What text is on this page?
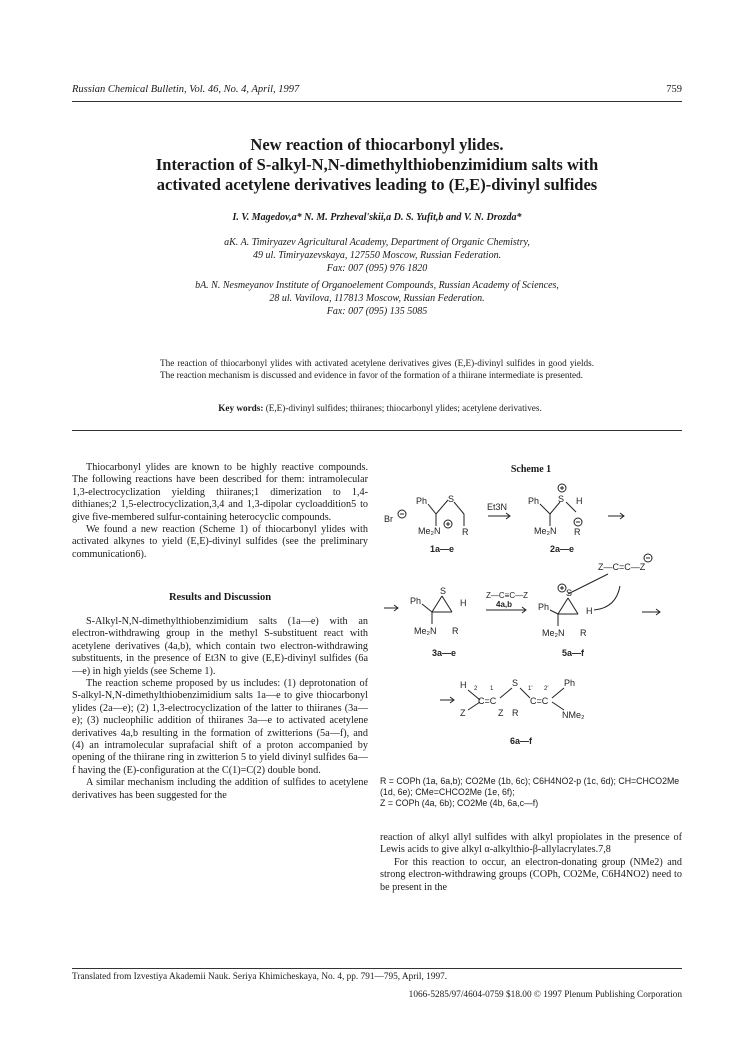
Russian Chemical Bulletin, Vol. 46, No. 4, April, 1997	759
New reaction of thiocarbonyl ylides.
Interaction of S-alkyl-N,N-dimethylthiobenzimidium salts with
activated acetylene derivatives leading to (E,E)-divinyl sulfides
I. V. Magedov,a* N. M. Przheval'skii,a D. S. Yufit,b and V. N. Drozda*
aK. A. Timiryazev Agricultural Academy, Department of Organic Chemistry,
49 ul. Timiryazevskaya, 127550 Moscow, Russian Federation.
Fax: 007 (095) 976 1820
bA. N. Nesmeyanov Institute of Organoelement Compounds, Russian Academy of Sciences,
28 ul. Vavilova, 117813 Moscow, Russian Federation.
Fax: 007 (095) 135 5085
The reaction of thiocarbonyl ylides with activated acetylene derivatives gives (E,E)-divinyl sulfides in good yields. The reaction mechanism is discussed and evidence in favor of the formation of a thiirane intermediate is presented.
Key words: (E,E)-divinyl sulfides; thiiranes; thiocarbonyl ylides; acetylene derivatives.

Thiocarbonyl ylides are known to be highly reactive compounds. The following reactions have been described for them: intramolecular 1,3-electrocyclization yielding thiiranes;1 dimerization to 1,4-dithianes;2 1,5-electrocyclization,3,4 and 1,3-dipolar cycloaddition5 to give five-membered sulfur-containing heterocyclic compounds.

We found a new reaction (Scheme 1) of thiocarbonyl ylides with activated alkynes to yield (E,E)-divinyl sulfides (see the preliminary communication6).

Results and Discussion

S-Alkyl-N,N-dimethylthiobenzimidium salts (1a—e) with an electron-withdrawing group in the methyl S-substituent react with acetylene derivatives (4a,b), which contain two electron-withdrawing substituents, in the presence of Et3N to give (E,E)-divinyl sulfides (6a—e) in high yields (see Scheme 1).

The reaction scheme proposed by us includes: (1) deprotonation of S-alkyl-N,N-dimethylthiobenzimidium salts 1a—e to give thiocarbonyl ylides (2a—e); (2) 1,3-electrocyclization of the latter to thiiranes (3a—e); (3) nucleophilic addition of thiiranes 3a—e to activated acetylene derivatives 4a,b resulting in the formation of zwitterions (5a—f), and (4) an intramolecular suprafacial shift of a proton accompanied by opening of the thiirane ring in zwitterion 5 to yield divinyl sulfides 6a—f having the (E)-configuration at the C(1)=C(2) double bond.

A similar mechanism including the addition of sulfides to acetylene derivatives has been suggested for the

Scheme 1
Br
Ph S
Me₂N R
Et3N
Ph S H
Me₂N R
1a—e	2a—e
Ph
S
H
Me₂N R
Z—C≡C—Z
4a,b
Z—C=C—Z
Ph
S
H
Me₂N R
3a—e	5a—f
H 2
Z
C=C
1
S
Z R
1'
C=C
2'
Ph
NMe₂
6a—f
R = COPh (1a, 6a,b); CO2Me (1b, 6c); C6H4NO2-p (1c, 6d); CH=CHCO2Me (1d, 6e); CMe=CHCO2Me (1e, 6f);
Z = COPh (4a, 6b); CO2Me (4b, 6a,c—f)

reaction of alkyl allyl sulfides with alkyl propiolates in the presence of Lewis acids to give alkyl α-alkylthio-β-allylacrylates.7,8

For this reaction to occur, an electron-donating group (NMe2) and strong electron-withdrawing groups (COPh, CO2Me, C6H4NO2) need to be present in the

Translated from Izvestiya Akademii Nauk. Seriya Khimicheskaya, No. 4, pp. 791—795, April, 1997.
1066-5285/97/4604-0759 $18.00 © 1997 Plenum Publishing Corporation
